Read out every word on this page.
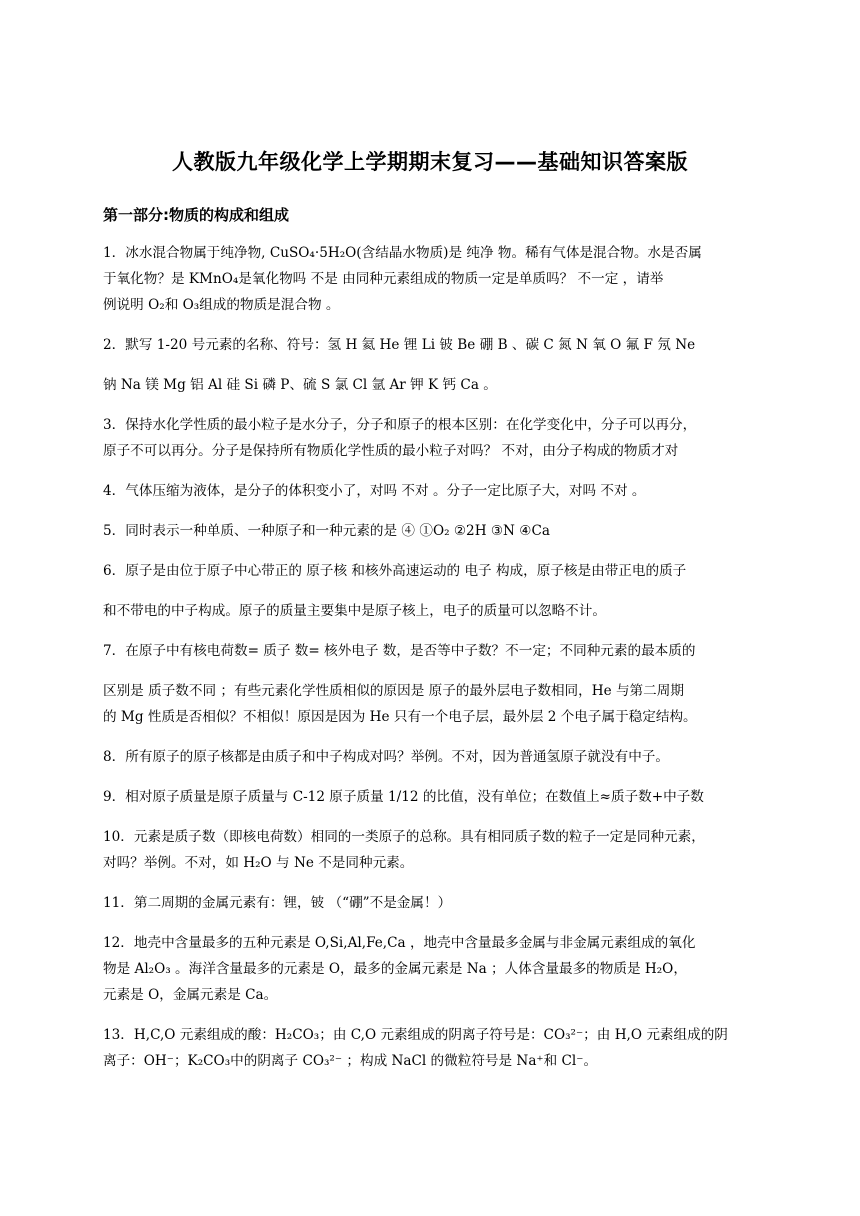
人教版九年级化学上学期期末复习——基础知识答案版
第一部分:物质的构成和组成
1．冰水混合物属于纯净物, CuSO₄·5H₂O(含结晶水物质)是 纯净 物。稀有气体是混合物。水是否属
于氧化物？是 KMnO₄是氧化物吗 不是 由同种元素组成的物质一定是单质吗？ 不一定 ，请举
例说明 O₂和 O₃组成的物质是混合物 。
2．默写 1-20 号元素的名称、符号：氢 H 氦 He 锂 Li 铍 Be 硼 B 、碳 C 氮 N 氧 O 氟 F 氖 Ne
钠 Na 镁 Mg 铝 Al 硅 Si 磷 P、硫 S 氯 Cl 氩 Ar 钾 K 钙 Ca 。
3．保持水化学性质的最小粒子是水分子，分子和原子的根本区别：在化学变化中，分子可以再分，
原子不可以再分。分子是保持所有物质化学性质的最小粒子对吗？ 不对，由分子构成的物质才对
4．气体压缩为液体，是分子的体积变小了，对吗 不对 。分子一定比原子大，对吗 不对 。
5．同时表示一种单质、一种原子和一种元素的是 ④ ①O₂ ②2H ③N ④Ca
6．原子是由位于原子中心带正的 原子核 和核外高速运动的 电子 构成，原子核是由带正电的质子
和不带电的中子构成。原子的质量主要集中是原子核上，电子的质量可以忽略不计。
7．在原子中有核电荷数= 质子 数= 核外电子 数，是否等中子数？不一定；不同种元素的最本质的
区别是 质子数不同 ；有些元素化学性质相似的原因是 原子的最外层电子数相同，He 与第二周期
的 Mg 性质是否相似？不相似！原因是因为 He 只有一个电子层，最外层 2 个电子属于稳定结构。
8．所有原子的原子核都是由质子和中子构成对吗？举例。不对，因为普通氢原子就没有中子。
9．相对原子质量是原子质量与 C-12 原子质量 1/12 的比值，没有单位；在数值上≈质子数+中子数
10．元素是质子数（即核电荷数）相同的一类原子的总称。具有相同质子数的粒子一定是同种元素，
对吗？举例。不对，如 H₂O 与 Ne 不是同种元素。
11．第二周期的金属元素有：锂，铍 （“硼”不是金属！）
12．地壳中含量最多的五种元素是 O,Si,Al,Fe,Ca ，地壳中含量最多金属与非金属元素组成的氧化
物是 Al₂O₃ 。海洋含量最多的元素是 O，最多的金属元素是 Na ；人体含量最多的物质是 H₂O，
元素是 O，金属元素是 Ca。
13．H,C,O 元素组成的酸：H₂CO₃；由 C,O 元素组成的阴离子符号是：CO₃²⁻；由 H,O 元素组成的阴
离子：OH⁻；K₂CO₃中的阴离子 CO₃²⁻ ；构成 NaCl 的微粒符号是 Na⁺和 Cl⁻。
